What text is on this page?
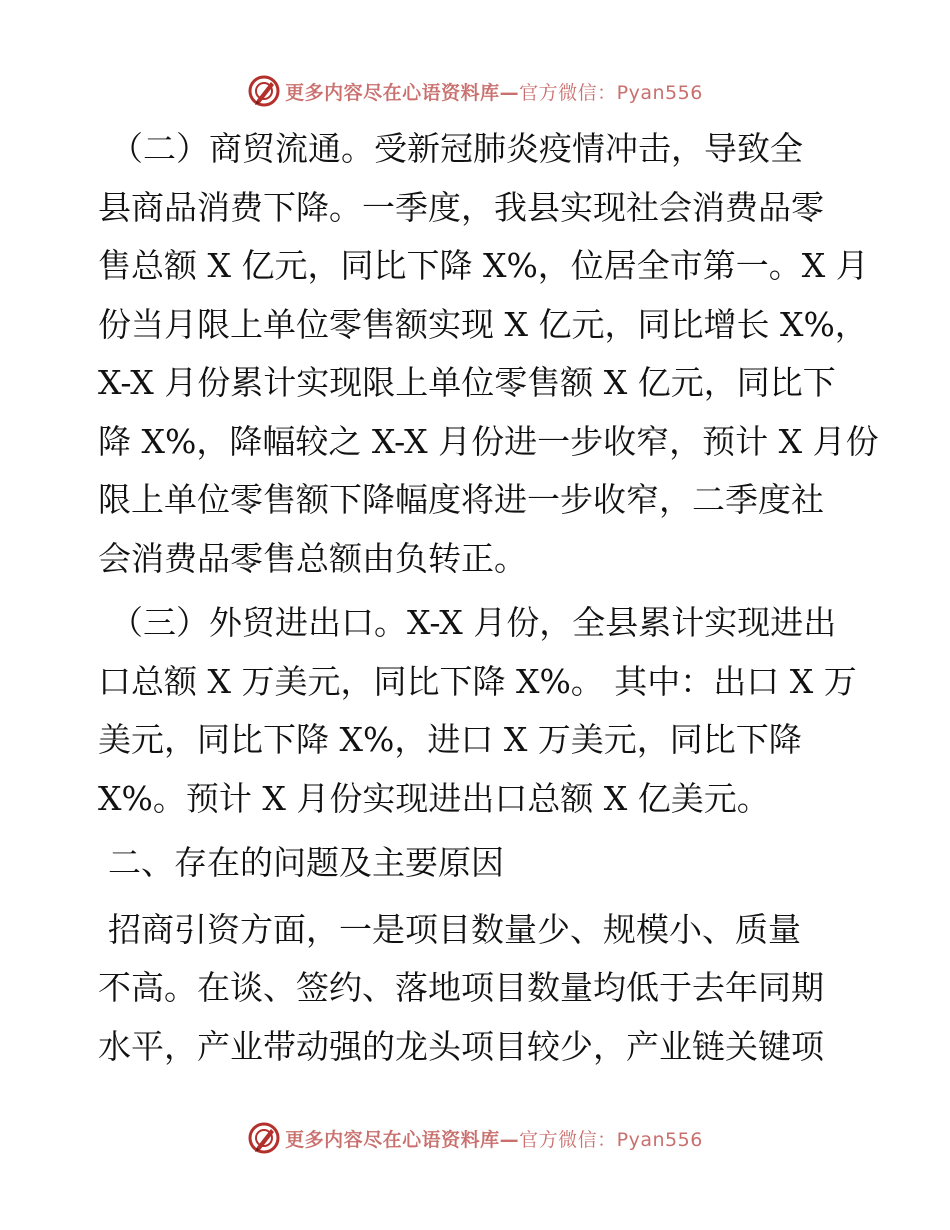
更多内容尽在心语资料库— 官方微信：Pyan556
（二）商贸流通。受新冠肺炎疫情冲击，导致全
县商品消费下降。一季度，我县实现社会消费品零
售总额 X 亿元，同比下降 X%，位居全市第一。X 月
份当月限上单位零售额实现 X 亿元，同比增长 X%，
X-X 月份累计实现限上单位零售额 X 亿元，同比下
降 X%，降幅较之 X-X 月份进一步收窄，预计 X 月份
限上单位零售额下降幅度将进一步收窄，二季度社
会消费品零售总额由负转正。
（三）外贸进出口。X-X 月份，全县累计实现进出
口总额 X 万美元，同比下降 X%。 其中：出口 X 万
美元，同比下降 X%，进口 X 万美元，同比下降
X%。预计 X 月份实现进出口总额 X 亿美元。
二、存在的问题及主要原因
招商引资方面，一是项目数量少、规模小、质量
不高。在谈、签约、落地项目数量均低于去年同期
水平，产业带动强的龙头项目较少，产业链关键项
更多内容尽在心语资料库— 官方微信：Pyan556
